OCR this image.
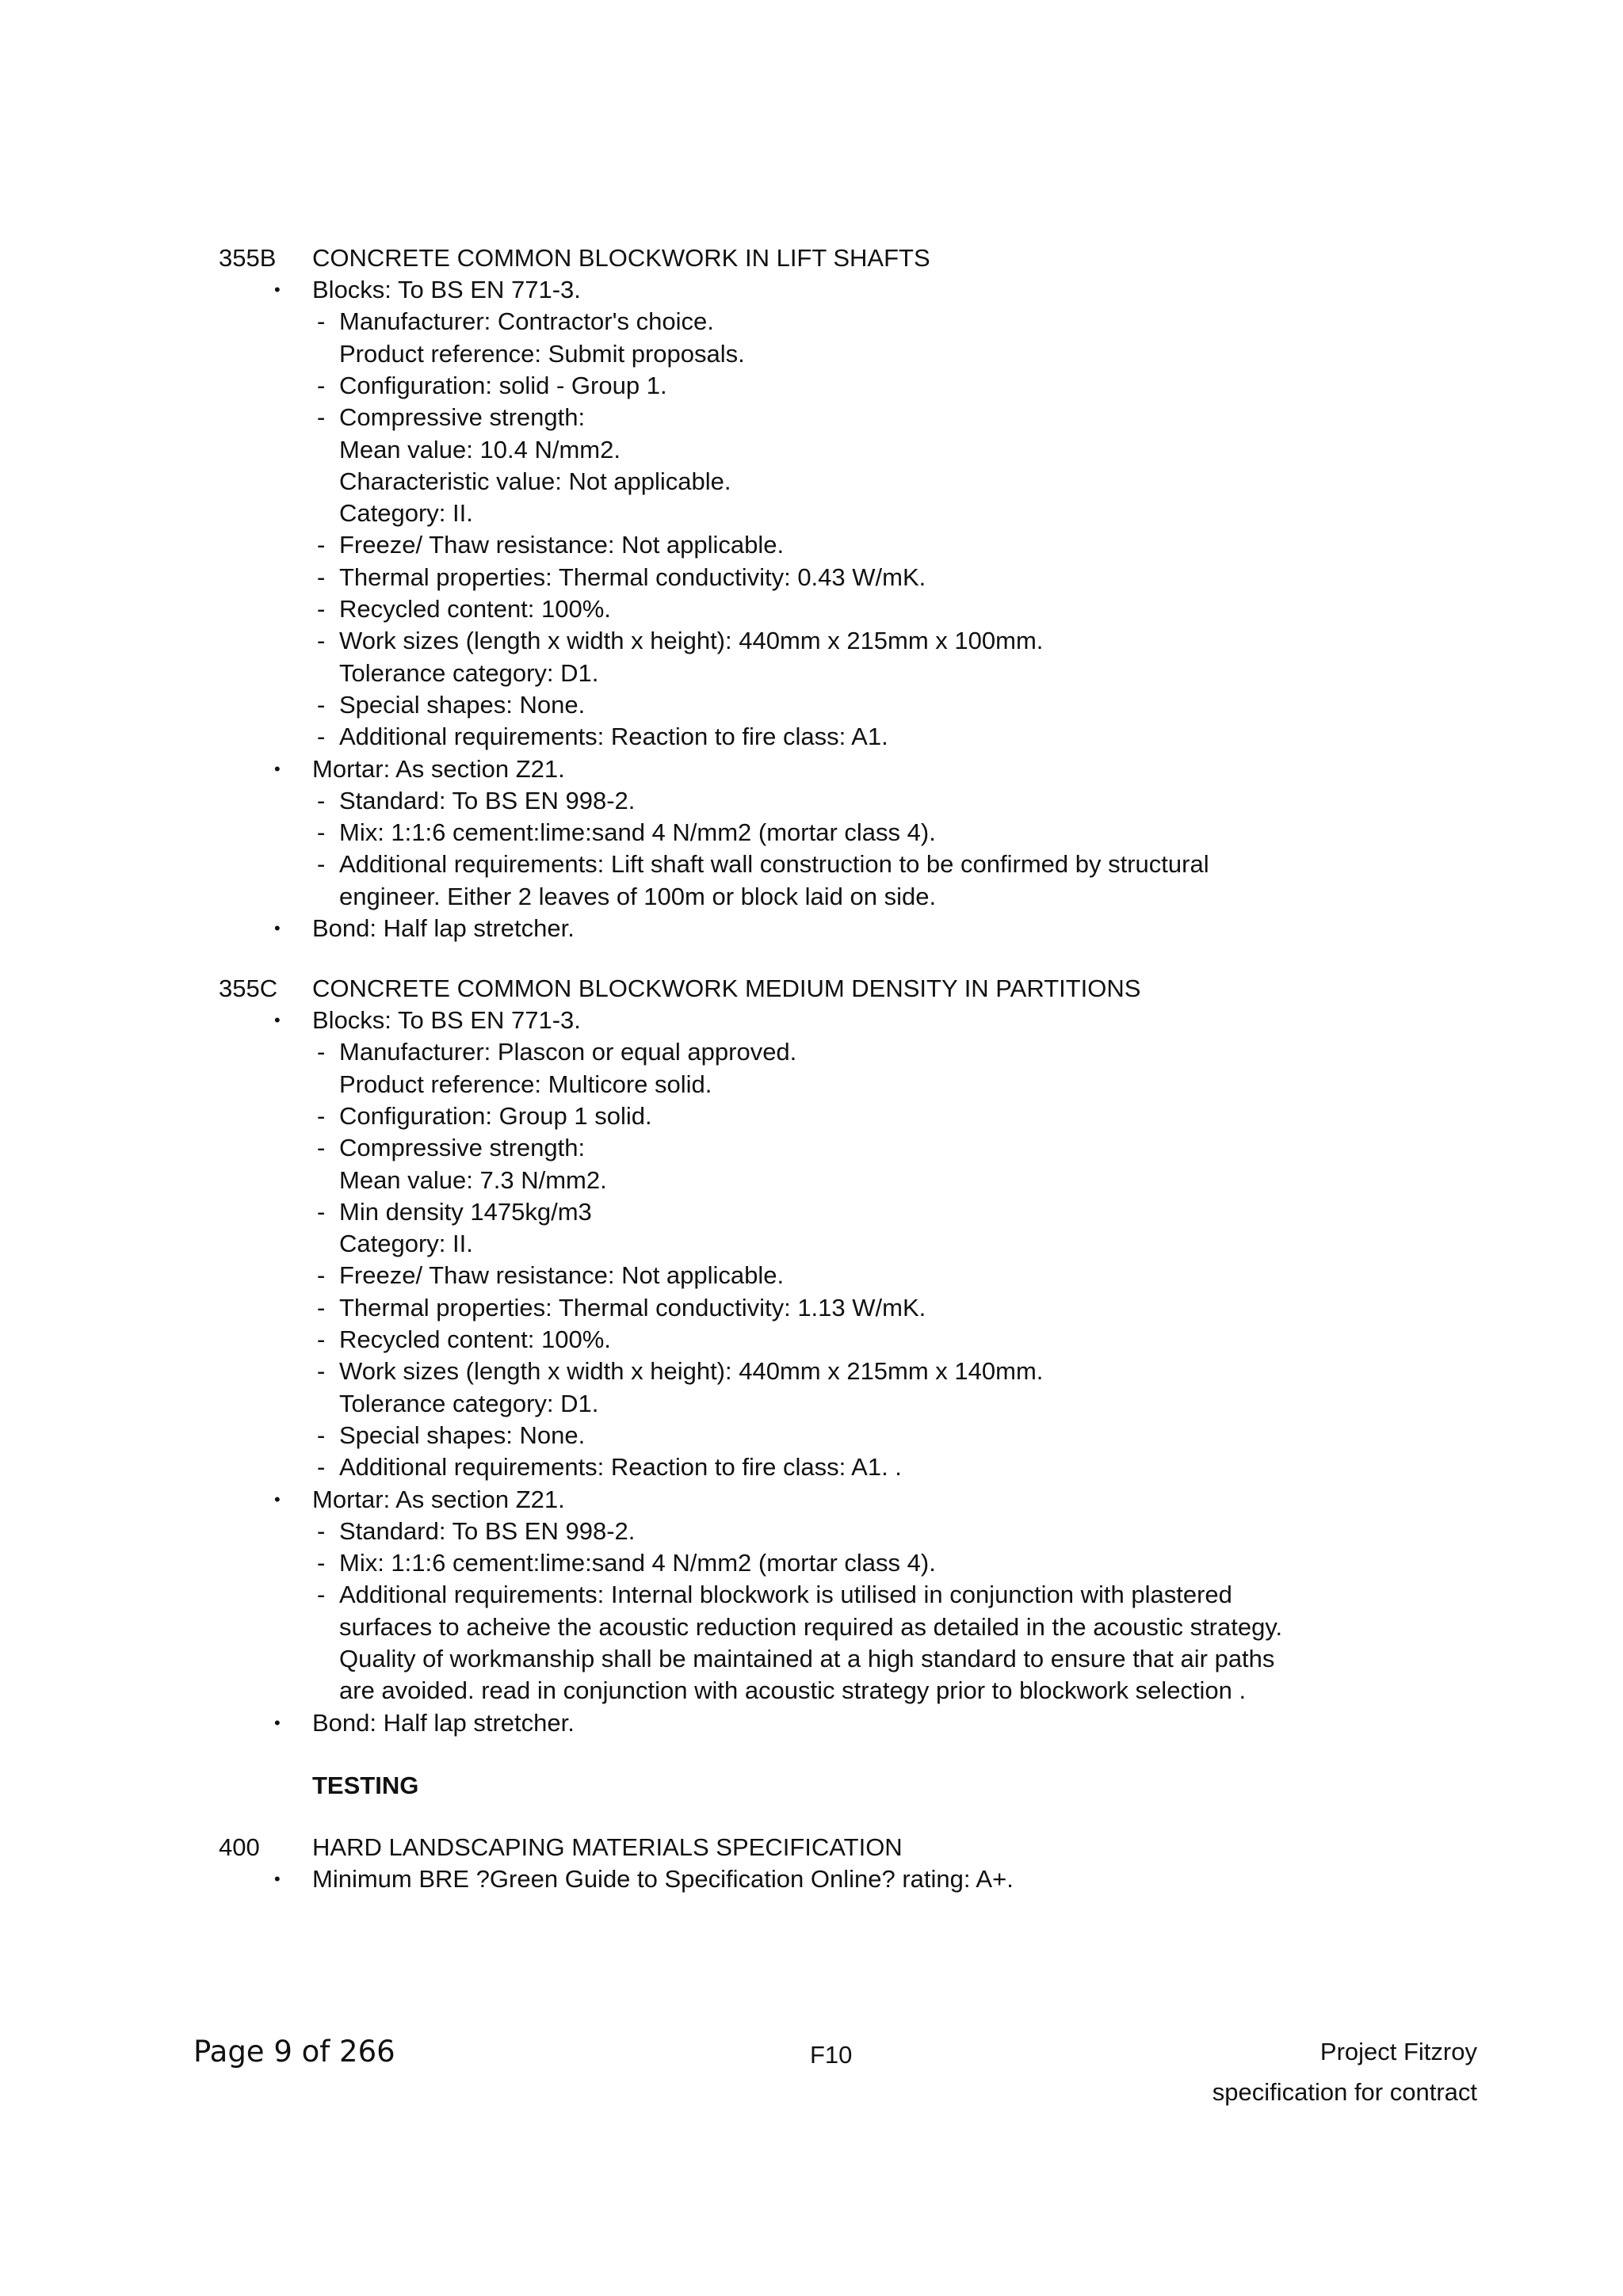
355B CONCRETE COMMON BLOCKWORK IN LIFT SHAFTS
• Blocks: To BS EN 771-3.
- Manufacturer: Contractor's choice.
Product reference: Submit proposals.
- Configuration: solid - Group 1.
- Compressive strength:
Mean value: 10.4 N/mm2.
Characteristic value: Not applicable.
Category: II.
- Freeze/ Thaw resistance: Not applicable.
- Thermal properties: Thermal conductivity: 0.43 W/mK.
- Recycled content: 100%.
- Work sizes (length x width x height): 440mm x 215mm x 100mm.
Tolerance category: D1.
- Special shapes: None.
- Additional requirements: Reaction to fire class: A1.
• Mortar: As section Z21.
- Standard: To BS EN 998-2.
- Mix: 1:1:6 cement:lime:sand 4 N/mm2 (mortar class 4).
- Additional requirements: Lift shaft wall construction to be confirmed by structural
engineer. Either 2 leaves of 100m or block laid on side.
• Bond: Half lap stretcher.
355C CONCRETE COMMON BLOCKWORK MEDIUM DENSITY IN PARTITIONS
• Blocks: To BS EN 771-3.
- Manufacturer: Plascon or equal approved.
Product reference: Multicore solid.
- Configuration: Group 1 solid.
- Compressive strength:
Mean value: 7.3 N/mm2.
- Min density 1475kg/m3
Category: II.
- Freeze/ Thaw resistance: Not applicable.
- Thermal properties: Thermal conductivity: 1.13 W/mK.
- Recycled content: 100%.
- Work sizes (length x width x height): 440mm x 215mm x 140mm.
Tolerance category: D1.
- Special shapes: None.
- Additional requirements: Reaction to fire class: A1. .
• Mortar: As section Z21.
- Standard: To BS EN 998-2.
- Mix: 1:1:6 cement:lime:sand 4 N/mm2 (mortar class 4).
- Additional requirements: Internal blockwork is utilised in conjunction with plastered
surfaces to acheive the acoustic reduction required as detailed in the acoustic strategy.
Quality of workmanship shall be maintained at a high standard to ensure that air paths
are avoided. read in conjunction with acoustic strategy prior to blockwork selection .
• Bond: Half lap stretcher.
TESTING
400 HARD LANDSCAPING MATERIALS SPECIFICATION
• Minimum BRE ?Green Guide to Specification Online? rating: A+.
Page 9 of 266	F10	Project Fitzroy
specification for contract
